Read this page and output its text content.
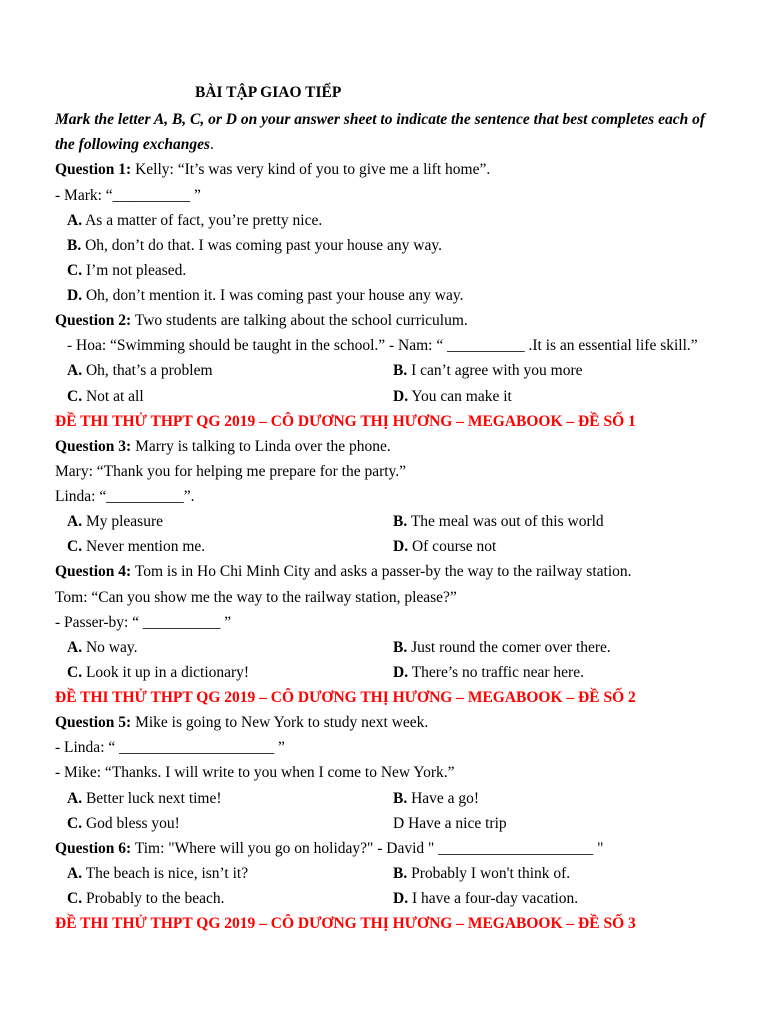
BÀI TẬP GIAO TIẾP
Mark the letter A, B, C, or D on your answer sheet to indicate the sentence that best completes each of
the following exchanges.
Question 1: Kelly: “It’s was very kind of you to give me a lift home”.
- Mark: “__________ ”
A. As a matter of fact, you’re pretty nice.
B. Oh, don’t do that. I was coming past your house any way.
C. I’m not pleased.
D. Oh, don’t mention it. I was coming past your house any way.
Question 2: Two students are talking about the school curriculum.
- Hoa: “Swimming should be taught in the school.” - Nam: “ __________ .It is an essential life skill.”
A. Oh, that’s a problem	B. I can’t agree with you more
C. Not at all	D. You can make it
ĐỀ THI THỬ THPT QG 2019 – CÔ DƯƠNG THỊ HƯƠNG – MEGABOOK – ĐỀ SỐ 1
Question 3: Marry is talking to Linda over the phone.
Mary: “Thank you for helping me prepare for the party.”
Linda: “__________”.
A. My pleasure	B. The meal was out of this world
C. Never mention me.	D. Of course not
Question 4: Tom is in Ho Chi Minh City and asks a passer-by the way to the railway station.
Tom: “Can you show me the way to the railway station, please?”
- Passer-by: “ __________ ”
A. No way.	B. Just round the comer over there.
C. Look it up in a dictionary!	D. There’s no traffic near here.
ĐỀ THI THỬ THPT QG 2019 – CÔ DƯƠNG THỊ HƯƠNG – MEGABOOK – ĐỀ SỐ 2
Question 5: Mike is going to New York to study next week.
- Linda: “ ____________________ ”
- Mike: “Thanks. I will write to you when I come to New York.”
A. Better luck next time!	B. Have a go!
C. God bless you!	D Have a nice trip
Question 6: Tim: "Where will you go on holiday?" - David " ____________________ "
A. The beach is nice, isn’t it?	B. Probably I won't think of.
C. Probably to the beach.	D. I have a four-day vacation.
ĐỀ THI THỬ THPT QG 2019 – CÔ DƯƠNG THỊ HƯƠNG – MEGABOOK – ĐỀ SỐ 3
